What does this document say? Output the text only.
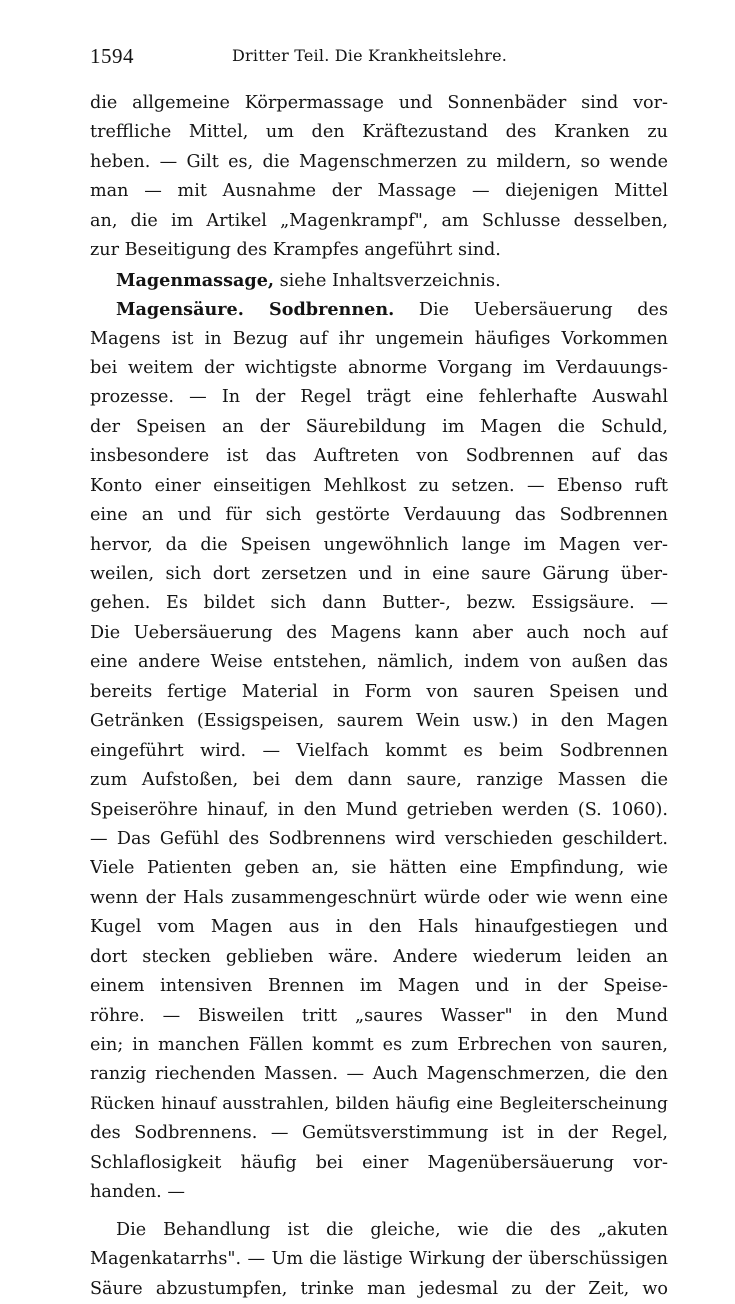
1594	Dritter Teil. Die Krankheitslehre.
die allgemeine Körpermassage und Sonnenbäder sind vor-
treffliche Mittel, um den Kräftezustand des Kranken zu
heben. — Gilt es, die Magenschmerzen zu mildern, so wende
man — mit Ausnahme der Massage — diejenigen Mittel
an, die im Artikel „Magenkrampf", am Schlusse desselben,
zur Beseitigung des Krampfes angeführt sind.
Magenmassage, siehe Inhaltsverzeichnis.
Magensäure. Sodbrennen. Die Uebersäuerung des
Magens ist in Bezug auf ihr ungemein häufiges Vorkommen
bei weitem der wichtigste abnorme Vorgang im Verdauungs-
prozesse. — In der Regel trägt eine fehlerhafte Auswahl
der Speisen an der Säurebildung im Magen die Schuld,
insbesondere ist das Auftreten von Sodbrennen auf das
Konto einer einseitigen Mehlkost zu setzen. — Ebenso ruft
eine an und für sich gestörte Verdauung das Sodbrennen
hervor, da die Speisen ungewöhnlich lange im Magen ver-
weilen, sich dort zersetzen und in eine saure Gärung über-
gehen. Es bildet sich dann Butter-, bezw. Essigsäure. —
Die Uebersäuerung des Magens kann aber auch noch auf
eine andere Weise entstehen, nämlich, indem von außen das
bereits fertige Material in Form von sauren Speisen und
Getränken (Essigspeisen, saurem Wein usw.) in den Magen
eingeführt wird. — Vielfach kommt es beim Sodbrennen
zum Aufstoßen, bei dem dann saure, ranzige Massen die
Speiseröhre hinauf, in den Mund getrieben werden (S. 1060).
— Das Gefühl des Sodbrennens wird verschieden geschildert.
Viele Patienten geben an, sie hätten eine Empfindung, wie
wenn der Hals zusammengeschnürt würde oder wie wenn eine
Kugel vom Magen aus in den Hals hinaufgestiegen und
dort stecken geblieben wäre. Andere wiederum leiden an
einem intensiven Brennen im Magen und in der Speise-
röhre. — Bisweilen tritt „saures Wasser" in den Mund
ein; in manchen Fällen kommt es zum Erbrechen von sauren,
ranzig riechenden Massen. — Auch Magenschmerzen, die den
Rücken hinauf ausstrahlen, bilden häufig eine Begleiterscheinung
des Sodbrennens. — Gemütsverstimmung ist in der Regel,
Schlaflosigkeit häufig bei einer Magenübersäuerung vor-
handen. —
Die Behandlung ist die gleiche, wie die des „akuten
Magenkatarrhs". — Um die lästige Wirkung der überschüssigen
Säure abzustumpfen, trinke man jedesmal zu der Zeit, wo
